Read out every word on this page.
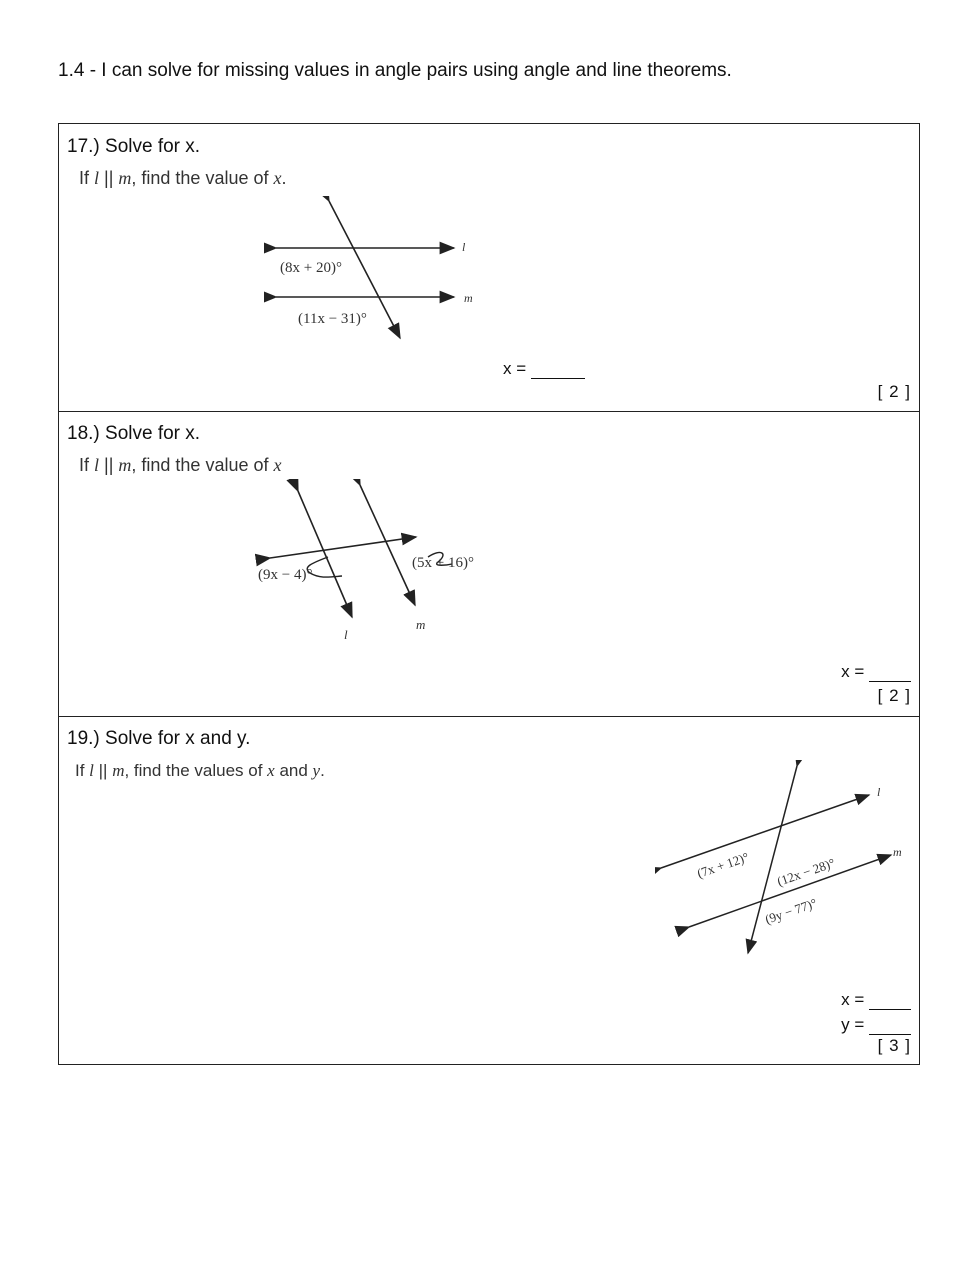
1.4 - I can solve for missing values in angle pairs using angle and line theorems.
17.) Solve for x.
If l || m, find the value of x.
l
m
(8x + 20)°
(11x − 31)°
x =
[ 2 ]
18.) Solve for x.
If l || m, find the value of x
(9x − 4)°
(5x + 16)°
l
m
x =
[ 2 ]
19.) Solve for x and y.
If l || m, find the values of x and y.
l
m
(7x + 12)° (12x − 28)°
(9y − 77)°
x =
y =
[ 3 ]
